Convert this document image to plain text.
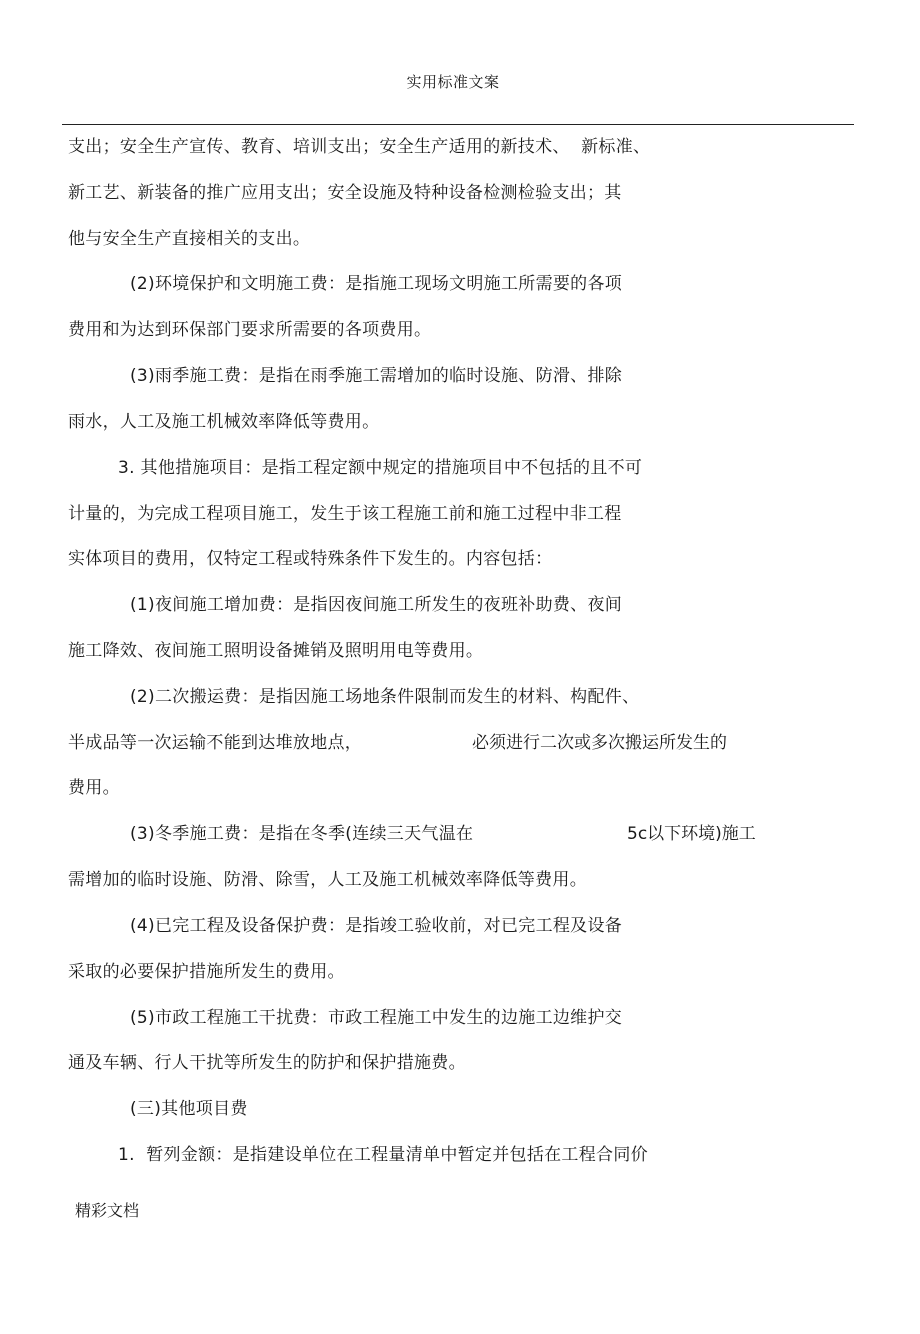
实用标准文案
支出；安全生产宣传、教育、培训支出；安全生产适用的新技术、  新标准、
新工艺、新装备的推广应用支出；安全设施及特种设备检测检验支出；其
他与安全生产直接相关的支出。
(2)环境保护和文明施工费：是指施工现场文明施工所需要的各项
费用和为达到环保部门要求所需要的各项费用。
(3)雨季施工费：是指在雨季施工需增加的临时设施、防滑、排除
雨水，人工及施工机械效率降低等费用。
3. 其他措施项目：是指工程定额中规定的措施项目中不包括的且不可
计量的，为完成工程项目施工，发生于该工程施工前和施工过程中非工程
实体项目的费用，仅特定工程或特殊条件下发生的。内容包括：
(1)夜间施工增加费：是指因夜间施工所发生的夜班补助费、夜间
施工降效、夜间施工照明设备摊销及照明用电等费用。
(2)二次搬运费：是指因施工场地条件限制而发生的材料、构配件、
半成品等一次运输不能到达堆放地点，	必须进行二次或多次搬运所发生的
费用。
(3)冬季施工费：是指在冬季(连续三天气温在	5c以下环境)施工
需增加的临时设施、防滑、除雪，人工及施工机械效率降低等费用。
(4)已完工程及设备保护费：是指竣工验收前，对已完工程及设备
采取的必要保护措施所发生的费用。
(5)市政工程施工干扰费：市政工程施工中发生的边施工边维护交
通及车辆、行人干扰等所发生的防护和保护措施费。
(三)其他项目费
1.  暂列金额：是指建设单位在工程量清单中暂定并包括在工程合同价
精彩文档
